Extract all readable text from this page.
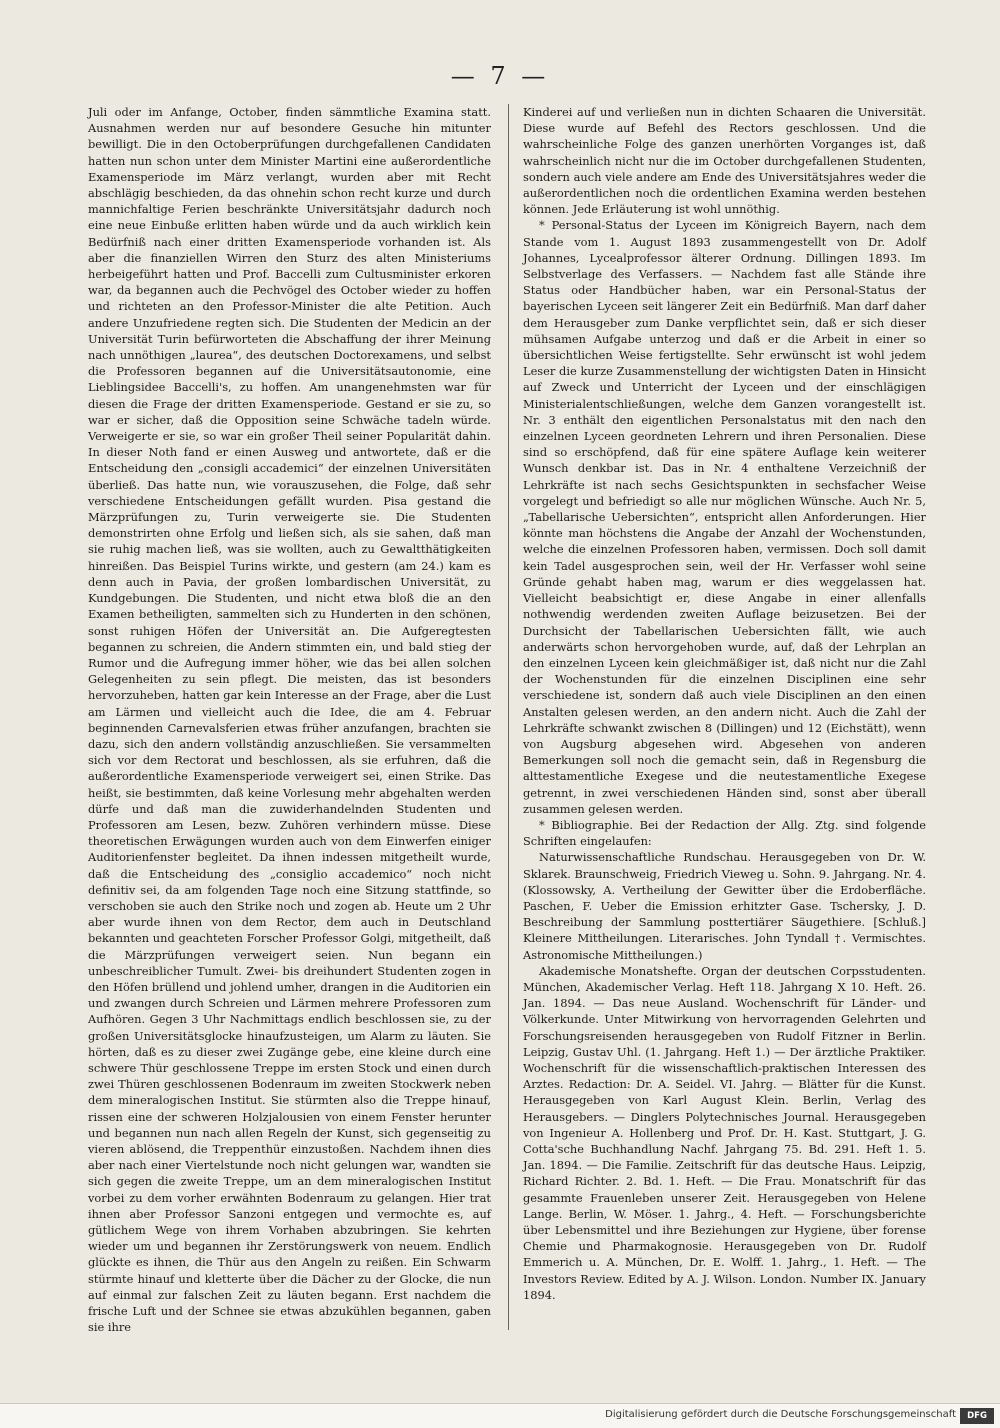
— 7 —

Juli oder im Anfange, October, finden sämmtliche Examina statt. Ausnahmen werden nur auf besondere Gesuche hin mitunter bewilligt. Die in den Octoberprüfungen durchgefallenen Candidaten hatten nun schon unter dem Minister Martini eine außerordentliche Examensperiode im März verlangt, wurden aber mit Recht abschlägig beschieden, da das ohnehin schon recht kurze und durch mannichfaltige Ferien beschränkte Universitätsjahr dadurch noch eine neue Einbuße erlitten haben würde und da auch wirklich kein Bedürfniß nach einer dritten Examensperiode vorhanden ist. Als aber die finanziellen Wirren den Sturz des alten Ministeriums herbeigeführt hatten und Prof. Baccelli zum Cultusminister erkoren war, da begannen auch die Pechvögel des October wieder zu hoffen und richteten an den Professor-Minister die alte Petition. Auch andere Unzufriedene regten sich. Die Studenten der Medicin an der Universität Turin befürworteten die Abschaffung der ihrer Meinung nach unnöthigen „laurea“, des deutschen Doctorexamens, und selbst die Professoren begannen auf die Universitätsautonomie, eine Lieblingsidee Baccelli's, zu hoffen. Am unangenehmsten war für diesen die Frage der dritten Examensperiode. Gestand er sie zu, so war er sicher, daß die Opposition seine Schwäche tadeln würde. Verweigerte er sie, so war ein großer Theil seiner Popularität dahin. In dieser Noth fand er einen Ausweg und antwortete, daß er die Entscheidung den „consigli accademici“ der einzelnen Universitäten überließ. Das hatte nun, wie vorauszusehen, die Folge, daß sehr verschiedene Entscheidungen gefällt wurden. Pisa gestand die Märzprüfungen zu, Turin verweigerte sie. Die Studenten demonstrirten ohne Erfolg und ließen sich, als sie sahen, daß man sie ruhig machen ließ, was sie wollten, auch zu Gewaltthätigkeiten hinreißen. Das Beispiel Turins wirkte, und gestern (am 24.) kam es denn auch in Pavia, der großen lombardischen Universität, zu Kundgebungen. Die Studenten, und nicht etwa bloß die an den Examen betheiligten, sammelten sich zu Hunderten in den schönen, sonst ruhigen Höfen der Universität an. Die Aufgeregtesten begannen zu schreien, die Andern stimmten ein, und bald stieg der Rumor und die Aufregung immer höher, wie das bei allen solchen Gelegenheiten zu sein pflegt. Die meisten, das ist besonders hervorzuheben, hatten gar kein Interesse an der Frage, aber die Lust am Lärmen und vielleicht auch die Idee, die am 4. Februar beginnenden Carnevalsferien etwas früher anzufangen, brachten sie dazu, sich den andern vollständig anzuschließen. Sie versammelten sich vor dem Rectorat und beschlossen, als sie erfuhren, daß die außerordentliche Examensperiode verweigert sei, einen Strike. Das heißt, sie bestimmten, daß keine Vorlesung mehr abgehalten werden dürfe und daß man die zuwiderhandelnden Studenten und Professoren am Lesen, bezw. Zuhören verhindern müsse. Diese theoretischen Erwägungen wurden auch von dem Einwerfen einiger Auditorienfenster begleitet. Da ihnen indessen mitgetheilt wurde, daß die Entscheidung des „consiglio accademico“ noch nicht definitiv sei, da am folgenden Tage noch eine Sitzung stattfinde, so verschoben sie auch den Strike noch und zogen ab. Heute um 2 Uhr aber wurde ihnen von dem Rector, dem auch in Deutschland bekannten und geachteten Forscher Professor Golgi, mitgetheilt, daß die Märzprüfungen verweigert seien. Nun begann ein unbeschreiblicher Tumult. Zwei- bis dreihundert Studenten zogen in den Höfen brüllend und johlend umher, drangen in die Auditorien ein und zwangen durch Schreien und Lärmen mehrere Professoren zum Aufhören. Gegen 3 Uhr Nachmittags endlich beschlossen sie, zu der großen Universitätsglocke hinaufzusteigen, um Alarm zu läuten. Sie hörten, daß es zu dieser zwei Zugänge gebe, eine kleine durch eine schwere Thür geschlossene Treppe im ersten Stock und einen durch zwei Thüren geschlossenen Bodenraum im zweiten Stockwerk neben dem mineralogischen Institut. Sie stürmten also die Treppe hinauf, rissen eine der schweren Holzjalousien von einem Fenster herunter und begannen nun nach allen Regeln der Kunst, sich gegenseitig zu vieren ablösend, die Treppenthür einzustoßen. Nachdem ihnen dies aber nach einer Viertelstunde noch nicht gelungen war, wandten sie sich gegen die zweite Treppe, um an dem mineralogischen Institut vorbei zu dem vorher erwähnten Bodenraum zu gelangen. Hier trat ihnen aber Professor Sanzoni entgegen und vermochte es, auf gütlichem Wege von ihrem Vorhaben abzubringen. Sie kehrten wieder um und begannen ihr Zerstörungswerk von neuem. Endlich glückte es ihnen, die Thür aus den Angeln zu reißen. Ein Schwarm stürmte hinauf und kletterte über die Dächer zu der Glocke, die nun auf einmal zur falschen Zeit zu läuten begann. Erst nachdem die frische Luft und der Schnee sie etwas abzukühlen begannen, gaben sie ihre

Kinderei auf und verließen nun in dichten Schaaren die Universität. Diese wurde auf Befehl des Rectors geschlossen. Und die wahrscheinliche Folge des ganzen unerhörten Vorganges ist, daß wahrscheinlich nicht nur die im October durchgefallenen Studenten, sondern auch viele andere am Ende des Universitätsjahres weder die außerordentlichen noch die ordentlichen Examina werden bestehen können. Jede Erläuterung ist wohl unnöthig.

* Personal-Status der Lyceen im Königreich Bayern, nach dem Stande vom 1. August 1893 zusammengestellt von Dr. Adolf Johannes, Lycealprofessor älterer Ordnung. Dillingen 1893. Im Selbstverlage des Verfassers. — Nachdem fast alle Stände ihre Status oder Handbücher haben, war ein Personal-Status der bayerischen Lyceen seit längerer Zeit ein Bedürfniß. Man darf daher dem Herausgeber zum Danke verpflichtet sein, daß er sich dieser mühsamen Aufgabe unterzog und daß er die Arbeit in einer so übersichtlichen Weise fertigstellte. Sehr erwünscht ist wohl jedem Leser die kurze Zusammenstellung der wichtigsten Daten in Hinsicht auf Zweck und Unterricht der Lyceen und der einschlägigen Ministerialentschließungen, welche dem Ganzen vorangestellt ist. Nr. 3 enthält den eigentlichen Personalstatus mit den nach den einzelnen Lyceen geordneten Lehrern und ihren Personalien. Diese sind so erschöpfend, daß für eine spätere Auflage kein weiterer Wunsch denkbar ist. Das in Nr. 4 enthaltene Verzeichniß der Lehrkräfte ist nach sechs Gesichtspunkten in sechsfacher Weise vorgelegt und befriedigt so alle nur möglichen Wünsche. Auch Nr. 5, „Tabellarische Uebersichten“, entspricht allen Anforderungen. Hier könnte man höchstens die Angabe der Anzahl der Wochenstunden, welche die einzelnen Professoren haben, vermissen. Doch soll damit kein Tadel ausgesprochen sein, weil der Hr. Verfasser wohl seine Gründe gehabt haben mag, warum er dies weggelassen hat. Vielleicht beabsichtigt er, diese Angabe in einer allenfalls nothwendig werdenden zweiten Auflage beizusetzen. Bei der Durchsicht der Tabellarischen Uebersichten fällt, wie auch anderwärts schon hervorgehoben wurde, auf, daß der Lehrplan an den einzelnen Lyceen kein gleichmäßiger ist, daß nicht nur die Zahl der Wochenstunden für die einzelnen Disciplinen eine sehr verschiedene ist, sondern daß auch viele Disciplinen an den einen Anstalten gelesen werden, an den andern nicht. Auch die Zahl der Lehrkräfte schwankt zwischen 8 (Dillingen) und 12 (Eichstätt), wenn von Augsburg abgesehen wird. Abgesehen von anderen Bemerkungen soll noch die gemacht sein, daß in Regensburg die alttestamentliche Exegese und die neutestamentliche Exegese getrennt, in zwei verschiedenen Händen sind, sonst aber überall zusammen gelesen werden.

* Bibliographie. Bei der Redaction der Allg. Ztg. sind folgende Schriften eingelaufen:

Naturwissenschaftliche Rundschau. Herausgegeben von Dr. W. Sklarek. Braunschweig, Friedrich Vieweg u. Sohn. 9. Jahrgang. Nr. 4. (Klossowsky, A. Vertheilung der Gewitter über die Erdoberfläche. Paschen, F. Ueber die Emission erhitzter Gase. Tschersky, J. D. Beschreibung der Sammlung posttertiärer Säugethiere. [Schluß.] Kleinere Mittheilungen. Literarisches. John Tyndall †. Vermischtes. Astronomische Mittheilungen.)

Akademische Monatshefte. Organ der deutschen Corpsstudenten. München, Akademischer Verlag. Heft 118. Jahrgang X 10. Heft. 26. Jan. 1894. — Das neue Ausland. Wochenschrift für Länder- und Völkerkunde. Unter Mitwirkung von hervorragenden Gelehrten und Forschungsreisenden herausgegeben von Rudolf Fitzner in Berlin. Leipzig, Gustav Uhl. (1. Jahrgang. Heft 1.) — Der ärztliche Praktiker. Wochenschrift für die wissenschaftlich-praktischen Interessen des Arztes. Redaction: Dr. A. Seidel. VI. Jahrg. — Blätter für die Kunst. Herausgegeben von Karl August Klein. Berlin, Verlag des Herausgebers. — Dinglers Polytechnisches Journal. Herausgegeben von Ingenieur A. Hollenberg und Prof. Dr. H. Kast. Stuttgart, J. G. Cotta'sche Buchhandlung Nachf. Jahrgang 75. Bd. 291. Heft 1. 5. Jan. 1894. — Die Familie. Zeitschrift für das deutsche Haus. Leipzig, Richard Richter. 2. Bd. 1. Heft. — Die Frau. Monatschrift für das gesammte Frauenleben unserer Zeit. Herausgegeben von Helene Lange. Berlin, W. Möser. 1. Jahrg., 4. Heft. — Forschungsberichte über Lebensmittel und ihre Beziehungen zur Hygiene, über forense Chemie und Pharmakognosie. Herausgegeben von Dr. Rudolf Emmerich u. A. München, Dr. E. Wolff. 1. Jahrg., 1. Heft. — The Investors Review. Edited by A. J. Wilson. London. Number IX. January 1894.

Digitalisierung gefördert durch die Deutsche Forschungsgemeinschaft	DFG
